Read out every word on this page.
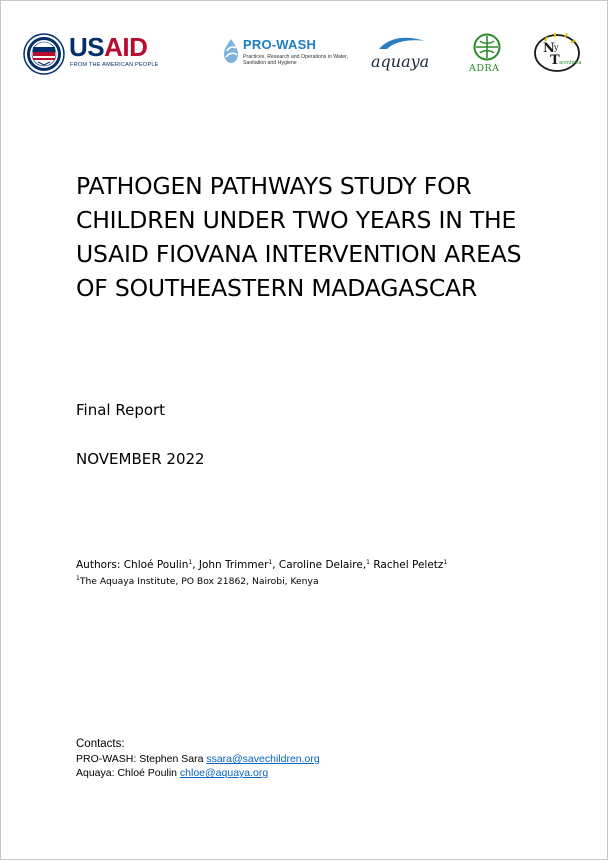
USAID
FROM THE AMERICAN PEOPLE
PRO-WASH
Practices, Research and Operations in Water, Sanitation and Hygiene	aquaya	ADRA
N y
T anintsika
PATHOGEN PATHWAYS STUDY FOR CHILDREN UNDER TWO YEARS IN THE USAID FIOVANA INTERVENTION AREAS OF SOUTHEASTERN MADAGASCAR
Final Report
NOVEMBER 2022
Authors: Chloé Poulin$^1$, John Trimmer$^1$, Caroline Delaire,$^1$ Rachel Peletz$^1$
$^1$The Aquaya Institute, PO Box 21862, Nairobi, Kenya
Contacts:
PRO-WASH: Stephen Sara ssara@savechildren.org
Aquaya: Chloé Poulin chloe@aquaya.org
